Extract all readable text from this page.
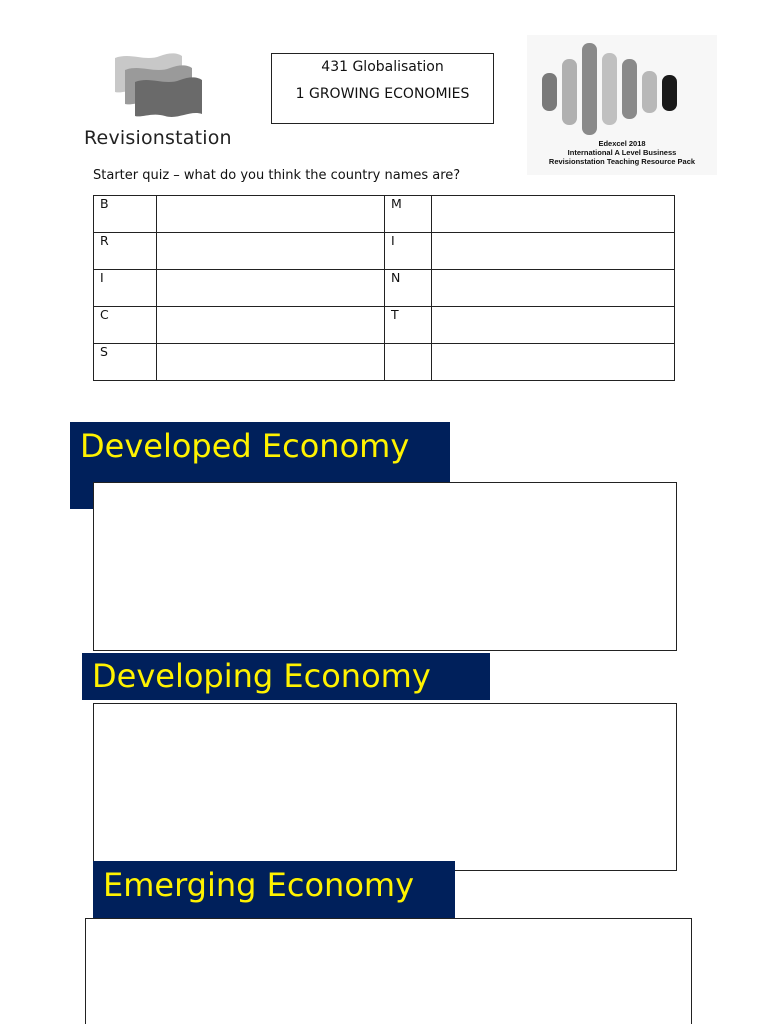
Revisionstation
431 Globalisation
1 GROWING ECONOMIES
Edexcel 2018
International A Level Business
Revisionstation Teaching Resource Pack
Starter quiz – what do you think the country names are?
B		M	
R		I	
I		N	
C		T	
S			
Developed Economy
Developing Economy
Emerging Economy
